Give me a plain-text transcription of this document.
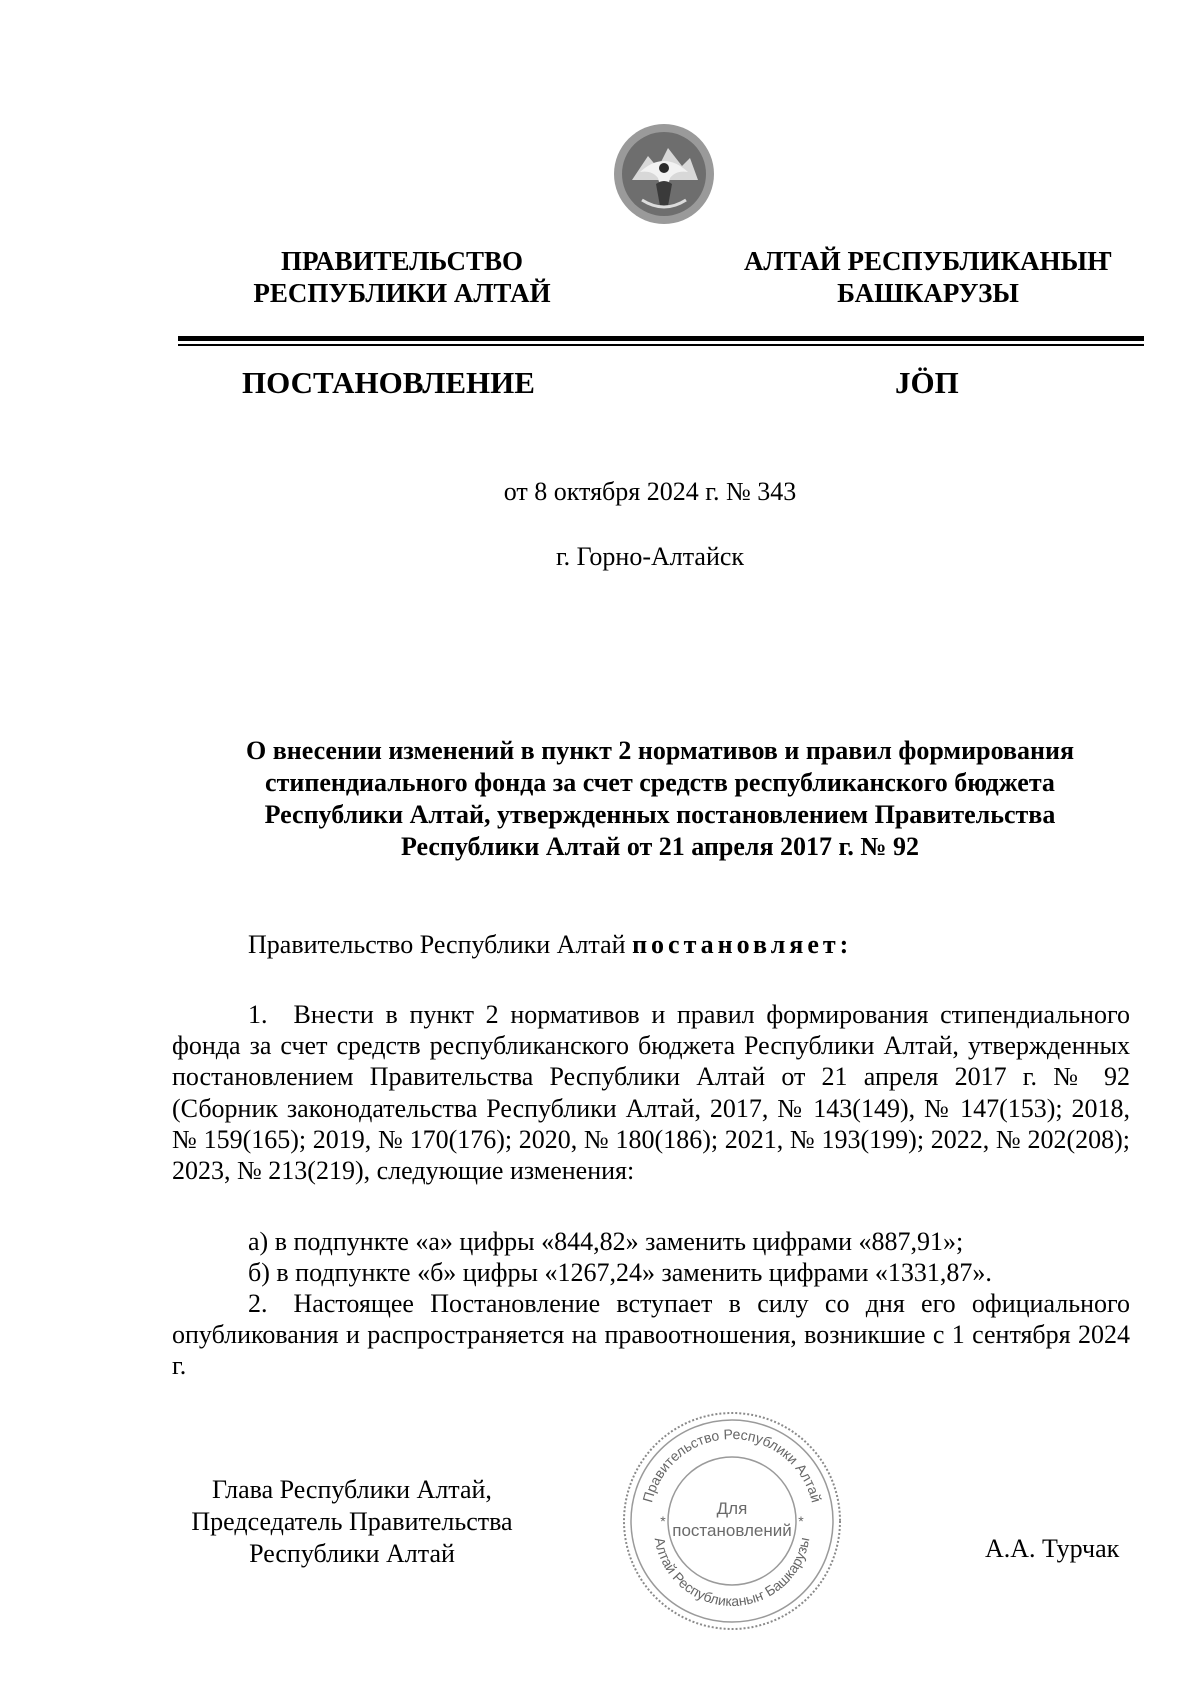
ПРАВИТЕЛЬСТВО
РЕСПУБЛИКИ АЛТАЙ
АЛТАЙ РЕСПУБЛИКАНЫҤ
БАШКАРУЗЫ
ПОСТАНОВЛЕНИЕ	JӦП
от 8 октября 2024 г. № 343
г. Горно-Алтайск
О внесении изменений в пункт 2 нормативов и правил формирования
стипендиального фонда за счет средств республиканского бюджета
Республики Алтай, утвержденных постановлением Правительства
Республики Алтай от 21 апреля 2017 г. № 92
Правительство Республики Алтай постановляет:
1. Внести в пункт 2 нормативов и правил формирования стипендиального фонда за счет средств республиканского бюджета Республики Алтай, утвержденных постановлением Правительства Республики Алтай от 21 апреля 2017 г. № 92 (Сборник законодательства Республики Алтай, 2017, № 143(149), № 147(153); 2018, № 159(165); 2019, № 170(176); 2020, № 180(186); 2021, № 193(199); 2022, № 202(208); 2023, № 213(219), следующие изменения:
а) в подпункте «а» цифры «844,82» заменить цифрами «887,91»;
б) в подпункте «б» цифры «1267,24» заменить цифрами «1331,87».
2. Настоящее Постановление вступает в силу со дня его официального опубликования и распространяется на правоотношения, возникшие с 1 сентября 2024 г.
Глава Республики Алтай,
Председатель Правительства
Республики Алтай	А.А. Турчак
Правительство Республики Алтай
Алтай Республиканыҥ Башкарузы
*	*
Для
постановлений
